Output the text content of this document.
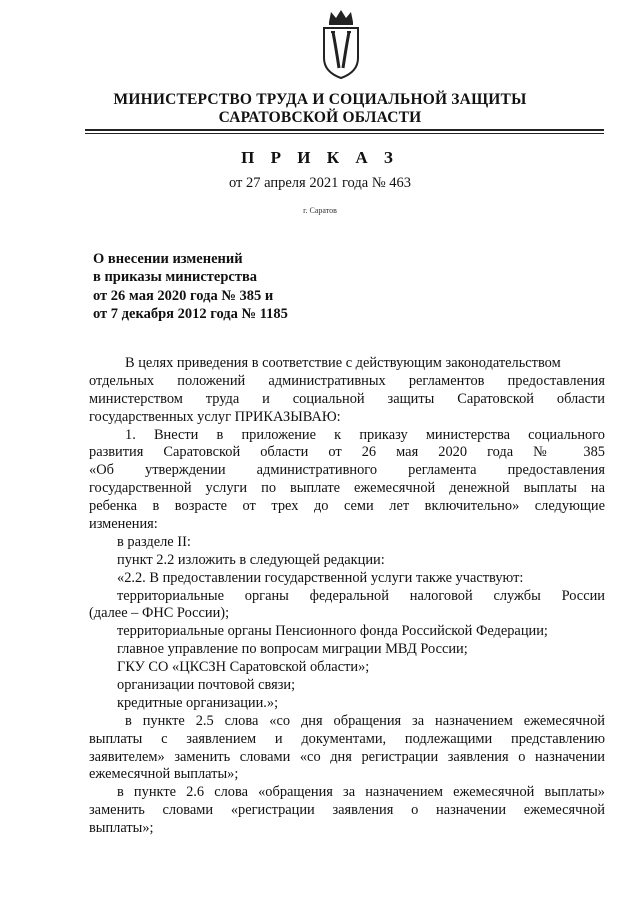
МИНИСТЕРСТВО ТРУДА И СОЦИАЛЬНОЙ ЗАЩИТЫ
САРАТОВСКОЙ ОБЛАСТИ
П Р И К А З
от 27 апреля 2021 года № 463
г. Саратов
О внесении изменений
в приказы министерства
от 26 мая 2020 года № 385 и
от 7 декабря 2012 года № 1185
В целях приведения в соответствие с действующим законодательством
отдельных положений административных регламентов предоставления
министерством труда и социальной защиты Саратовской области
государственных услуг ПРИКАЗЫВАЮ:
1. Внести в приложение к приказу министерства социального
развития Саратовской области от 26 мая 2020 года № 385
«Об утверждении административного регламента предоставления
государственной услуги по выплате ежемесячной денежной выплаты на
ребенка в возрасте от трех до семи лет включительно» следующие
изменения:
в разделе II:
пункт 2.2 изложить в следующей редакции:
«2.2. В предоставлении государственной услуги также участвуют:
территориальные органы федеральной налоговой службы России
(далее – ФНС России);
территориальные органы Пенсионного фонда Российской Федерации;
главное управление по вопросам миграции МВД России;
ГКУ СО «ЦКСЗН Саратовской области»;
организации почтовой связи;
кредитные организации.»;
в пункте 2.5 слова «со дня обращения за назначением ежемесячной
выплаты с заявлением и документами, подлежащими представлению
заявителем» заменить словами «со дня регистрации заявления о назначении
ежемесячной выплаты»;
в пункте 2.6 слова «обращения за назначением ежемесячной выплаты»
заменить словами «регистрации заявления о назначении ежемесячной
выплаты»;
